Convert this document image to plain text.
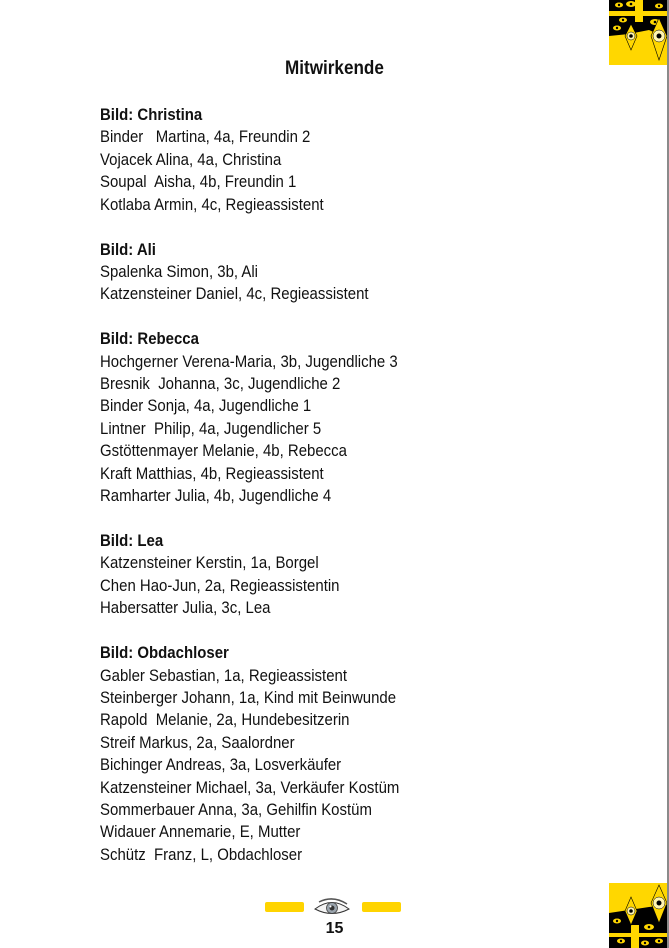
Mitwirkende
Bild: Christina
Binder   Martina, 4a, Freundin 2
Vojacek Alina, 4a, Christina
Soupal  Aisha, 4b, Freundin 1
Kotlaba Armin, 4c, Regieassistent
Bild: Ali
Spalenka Simon, 3b, Ali
Katzensteiner Daniel, 4c, Regieassistent
Bild: Rebecca
Hochgerner Verena-Maria, 3b, Jugendliche 3
Bresnik  Johanna, 3c, Jugendliche 2
Binder Sonja, 4a, Jugendliche 1
Lintner  Philip, 4a, Jugendlicher 5
Gstöttenmayer Melanie, 4b, Rebecca
Kraft Matthias, 4b, Regieassistent
Ramharter Julia, 4b, Jugendliche 4
Bild: Lea
Katzensteiner Kerstin, 1a, Borgel
Chen Hao-Jun, 2a, Regieassistentin
Habersatter Julia, 3c, Lea
Bild: Obdachloser
Gabler Sebastian, 1a, Regieassistent
Steinberger Johann, 1a, Kind mit Beinwunde
Rapold  Melanie, 2a, Hundebesitzerin
Streif Markus, 2a, Saalordner
Bichinger Andreas, 3a, Losverkäufer
Katzensteiner Michael, 3a, Verkäufer Kostüm
Sommerbauer Anna, 3a, Gehilfin Kostüm
Widauer Annemarie, E, Mutter
Schütz  Franz, L, Obdachloser
15
